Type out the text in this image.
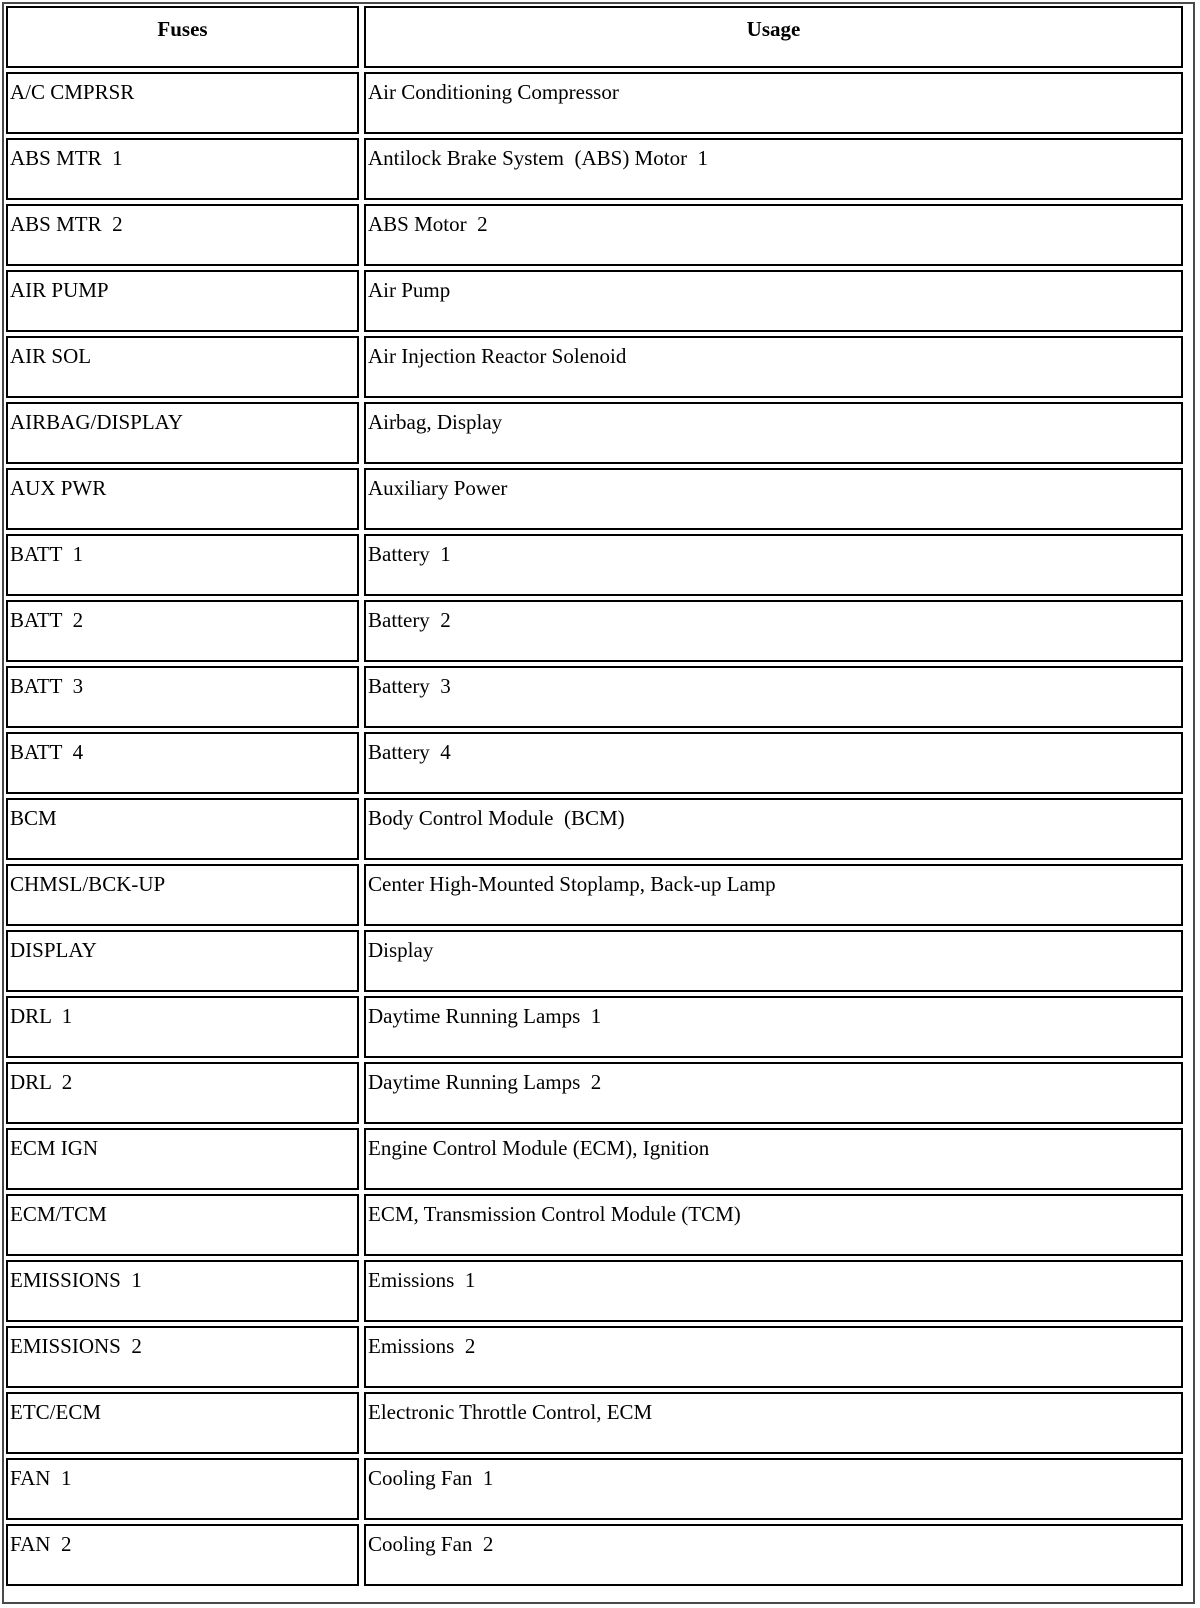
Fuses	Usage
A/C CMPRSR	Air Conditioning Compressor
ABS MTR  1	Antilock Brake System  (ABS) Motor  1
ABS MTR  2	ABS Motor  2
AIR PUMP	Air Pump
AIR SOL	Air Injection Reactor Solenoid
AIRBAG/DISPLAY	Airbag, Display
AUX PWR	Auxiliary Power
BATT  1	Battery  1
BATT  2	Battery  2
BATT  3	Battery  3
BATT  4	Battery  4
BCM	Body Control Module  (BCM)
CHMSL/BCK-UP	Center High-Mounted Stoplamp, Back-up Lamp
DISPLAY	Display
DRL  1	Daytime Running Lamps  1
DRL  2	Daytime Running Lamps  2
ECM IGN	Engine Control Module (ECM), Ignition
ECM/TCM	ECM, Transmission Control Module (TCM)
EMISSIONS  1	Emissions  1
EMISSIONS  2	Emissions  2
ETC/ECM	Electronic Throttle Control, ECM
FAN  1	Cooling Fan  1
FAN  2	Cooling Fan  2
